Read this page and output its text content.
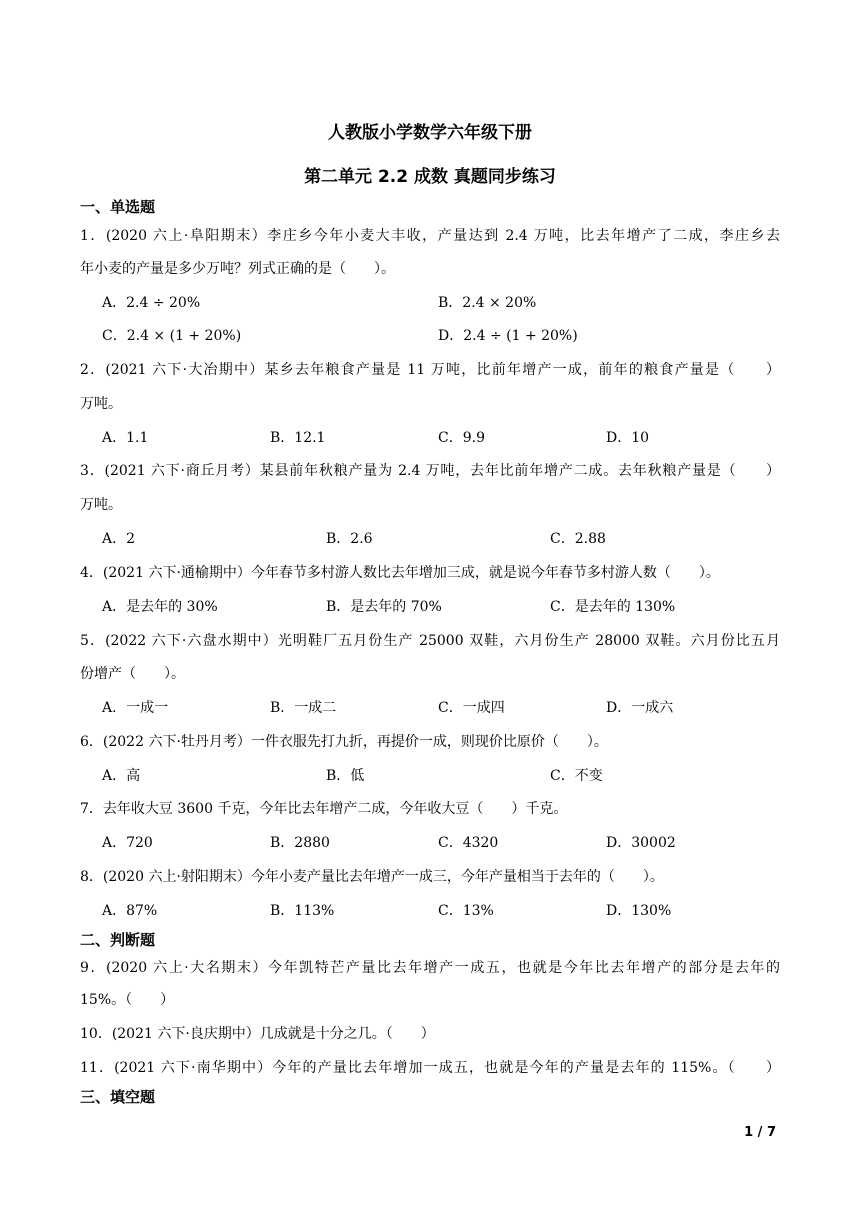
人教版小学数学六年级下册
第二单元 2.2 成数 真题同步练习
一、单选题
1．(2020 六上·阜阳期末）李庄乡今年小麦大丰收，产量达到 2.4 万吨，比去年增产了二成，李庄乡去
年小麦的产量是多少万吨？列式正确的是（　　）。
A．2.4 ÷ 20%	B．2.4 × 20%
C．2.4 × (1 + 20%)	D．2.4 ÷ (1 + 20%)
2．(2021 六下·大冶期中）某乡去年粮食产量是 11 万吨，比前年增产一成，前年的粮食产量是（　　）
万吨。
A．1.1	B．12.1	C．9.9	D．10
3．(2021 六下·商丘月考）某县前年秋粮产量为 2.4 万吨，去年比前年增产二成。去年秋粮产量是（　　）
万吨。
A．2	B．2.6	C．2.88
4．(2021 六下·通榆期中）今年春节多村游人数比去年增加三成，就是说今年春节多村游人数（　　）。
A．是去年的 30%	B．是去年的 70%	C．是去年的 130%
5．(2022 六下·六盘水期中）光明鞋厂五月份生产 25000 双鞋，六月份生产 28000 双鞋。六月份比五月
份增产（　　）。
A．一成一	B．一成二	C．一成四	D．一成六
6．(2022 六下·牡丹月考）一件衣服先打九折，再提价一成，则现价比原价（　　）。
A．高	B．低	C．不变
7．去年收大豆 3600 千克，今年比去年增产二成，今年收大豆（　　）千克。
A．720	B．2880	C．4320	D．30002
8．(2020 六上·射阳期末）今年小麦产量比去年增产一成三，今年产量相当于去年的（　　）。
A．87%	B．113%	C．13%	D．130%
二、判断题
9．(2020 六上·大名期末）今年凯特芒产量比去年增产一成五，也就是今年比去年增产的部分是去年的
15%。（　　）
10．(2021 六下·良庆期中）几成就是十分之几。（　　）
11．(2021 六下·南华期中）今年的产量比去年增加一成五，也就是今年的产量是去年的 115%。（　　）
三、填空题
1 / 7
